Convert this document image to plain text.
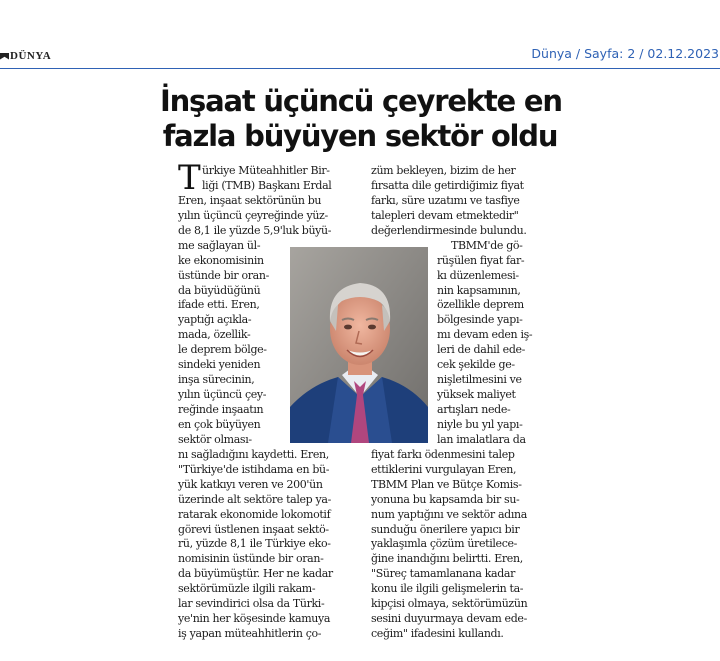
DÜNYA	Dünya / Sayfa: 2 / 02.12.2023
İnşaat üçüncü çeyrekte en
fazla büyüyen sektör oldu
T ürkiye Müteahhitler Bir-
liği (TMB) Başkanı Erdal
Eren, inşaat sektörünün bu
yılın üçüncü çeyreğinde yüz-
de 8,1 ile yüzde 5,9'luk büyü-
me sağlayan ül-
ke ekonomisinin
üstünde bir oran-
da büyüdüğünü
ifade etti. Eren,
yaptığı açıkla-
mada, özellik-
le deprem bölge-
sindeki yeniden
inşa sürecinin,
yılın üçüncü çey-
reğinde inşaatın
en çok büyüyen
sektör olması-
nı sağladığını kaydetti. Eren,
"Türkiye'de istihdama en bü-
yük katkıyı veren ve 200'ün
üzerinde alt sektöre talep ya-
ratarak ekonomide lokomotif
görevi üstlenen inşaat sektö-
rü, yüzde 8,1 ile Türkiye eko-
nomisinin üstünde bir oran-
da büyümüştür. Her ne kadar
sektörümüzle ilgili rakam-
lar sevindirici olsa da Türki-
ye'nin her köşesinde kamuya
iş yapan müteahhitlerin ço-
züm bekleyen, bizim de her
fırsatta dile getirdiğimiz fiyat
farkı, süre uzatımı ve tasfiye
talepleri devam etmektedir"
değerlendirmesinde bulundu.
TBMM'de gö-
rüşülen fiyat far-
kı düzenlemesi-
nin kapsamının,
özellikle deprem
bölgesinde yapı-
mı devam eden iş-
leri de dahil ede-
cek şekilde ge-
nişletilmesini ve
yüksek maliyet
artışları nede-
niyle bu yıl yapı-
lan imalatlara da
fiyat farkı ödenmesini talep
ettiklerini vurgulayan Eren,
TBMM Plan ve Bütçe Komis-
yonuna bu kapsamda bir su-
num yaptığını ve sektör adına
sunduğu önerilere yapıcı bir
yaklaşımla çözüm üretilece-
ğine inandığını belirtti. Eren,
"Süreç tamamlanana kadar
konu ile ilgili gelişmelerin ta-
kipçisi olmaya, sektörümüzün
sesini duyurmaya devam ede-
ceğim" ifadesini kullandı.
